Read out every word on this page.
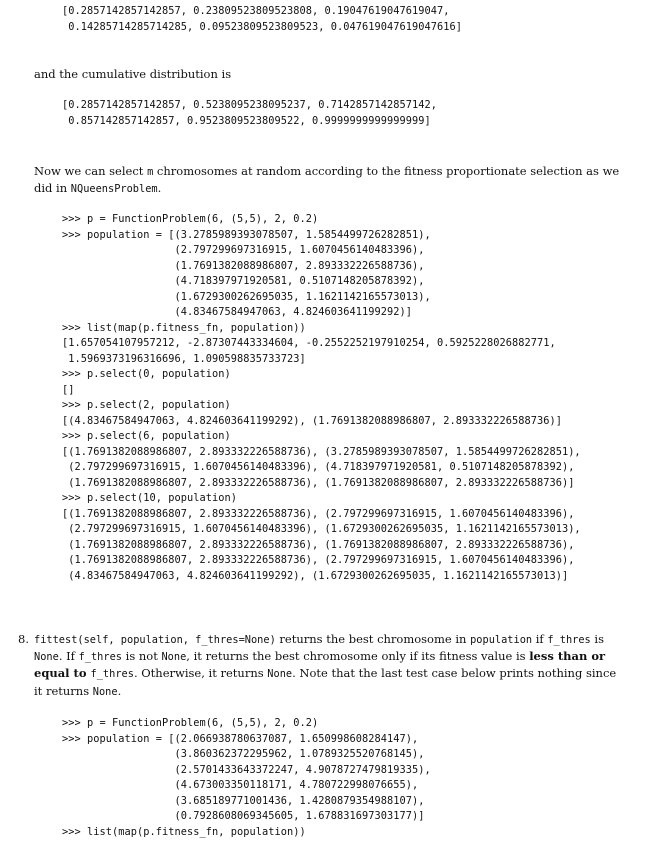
[0.2857142857142857, 0.23809523809523808, 0.19047619047619047,
0.14285714285714285, 0.09523809523809523, 0.047619047619047616]

and the cumulative distribution is

[0.2857142857142857, 0.5238095238095237, 0.7142857142857142,
0.857142857142857, 0.9523809523809522, 0.9999999999999999]

Now we can select m chromosomes at random according to the fitness proportionate selection as we did in NQueensProblem.

>>> p = FunctionProblem(6, (5,5), 2, 0.2)
>>> population = [(3.2785989393078507, 1.5854499726282851),
(2.797299697316915, 1.6070456140483396),
(1.7691382088986807, 2.893332226588736),
(4.718397971920581, 0.5107148205878392),
(1.6729300262695035, 1.1621142165573013),
(4.83467584947063, 4.824603641199292)]
>>> list(map(p.fitness_fn, population))
[1.657054107957212, -2.87307443334604, -0.2552252197910254, 0.5925228026882771,
1.5969373196316696, 1.090598835733723]
>>> p.select(0, population)
[]
>>> p.select(2, population)
[(4.83467584947063, 4.824603641199292), (1.7691382088986807, 2.893332226588736)]
>>> p.select(6, population)
[(1.7691382088986807, 2.893332226588736), (3.2785989393078507, 1.5854499726282851),
(2.797299697316915, 1.6070456140483396), (4.718397971920581, 0.5107148205878392),
(1.7691382088986807, 2.893332226588736), (1.7691382088986807, 2.893332226588736)]
>>> p.select(10, population)
[(1.7691382088986807, 2.893332226588736), (2.797299697316915, 1.6070456140483396),
(2.797299697316915, 1.6070456140483396), (1.6729300262695035, 1.1621142165573013),
(1.7691382088986807, 2.893332226588736), (1.7691382088986807, 2.893332226588736),
(1.7691382088986807, 2.893332226588736), (2.797299697316915, 1.6070456140483396),
(4.83467584947063, 4.824603641199292), (1.6729300262695035, 1.1621142165573013)]
8. fittest(self, population, f_thres=None) returns the best chromosome in population if f_thres is None. If f_thres is not None, it returns the best chromosome only if its fitness value is less than or equal to f_thres. Otherwise, it returns None. Note that the last test case below prints nothing since it returns None.
>>> p = FunctionProblem(6, (5,5), 2, 0.2)
>>> population = [(2.066938780637087, 1.650998608284147),
(3.860362372295962, 1.0789325520768145),
(2.5701433643372247, 4.9078727479819335),
(4.673003350118171, 4.780722998076655),
(3.685189771001436, 1.4280879354988107),
(0.7928608069345605, 1.678831697303177)]
>>> list(map(p.fitness_fn, population))
